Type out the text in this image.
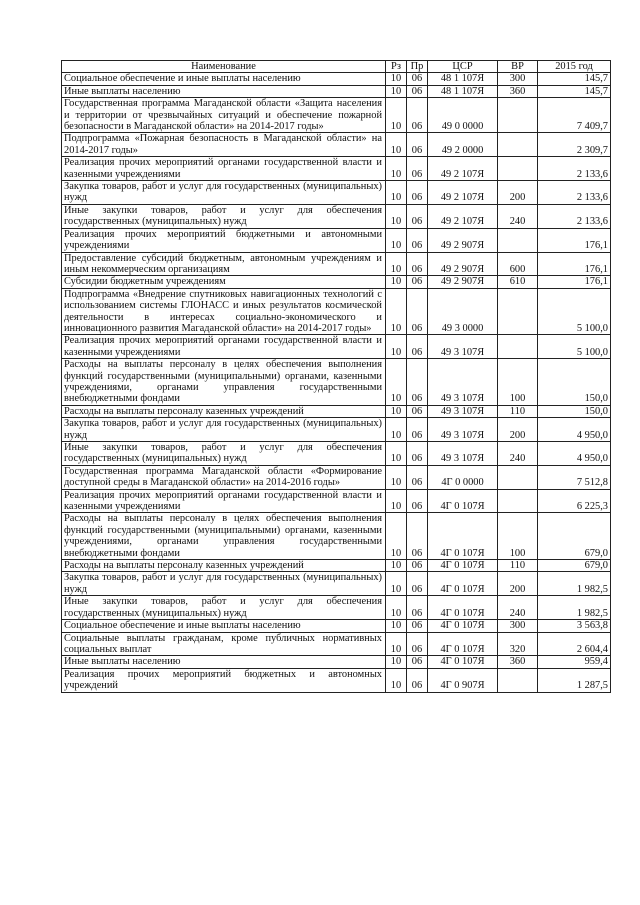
Наименование	Рз	Пр	ЦСР	ВР	2015 год
Социальное обеспечение и иные выплаты населению	10	06	48 1 107Я	300	145,7
Иные выплаты населению	10	06	48 1 107Я	360	145,7
Государственная программа Магаданской области «Защита населения и территории от чрезвычайных ситуаций и обеспечение пожарной безопасности в Магаданской области» на 2014-2017 годы»	10	06	49 0 0000		7 409,7
Подпрограмма «Пожарная безопасность в Магаданской области» на 2014-2017 годы»	10	06	49 2 0000		2 309,7
Реализация прочих мероприятий органами государственной власти и казенными учреждениями	10	06	49 2 107Я		2 133,6
Закупка товаров, работ и услуг для государственных (муниципальных) нужд	10	06	49 2 107Я	200	2 133,6
Иные закупки товаров, работ и услуг для обеспечения государственных (муниципальных) нужд	10	06	49 2 107Я	240	2 133,6
Реализация прочих мероприятий бюджетными и автономными учреждениями	10	06	49 2 907Я		176,1
Предоставление субсидий бюджетным, автономным учреждениям и иным некоммерческим организациям	10	06	49 2 907Я	600	176,1
Субсидии бюджетным учреждениям	10	06	49 2 907Я	610	176,1
Подпрограмма «Внедрение спутниковых навигационных технологий с использованием системы ГЛОНАСС и иных результатов космической деятельности в интересах социально-экономического и инновационного развития Магаданской области» на 2014-2017 годы»	10	06	49 3 0000		5 100,0
Реализация прочих мероприятий органами государственной власти и казенными учреждениями	10	06	49 3 107Я		5 100,0
Расходы на выплаты персоналу в целях обеспечения выполнения функций государственными (муниципальными) органами, казенными учреждениями, органами управления государственными внебюджетными фондами	10	06	49 3 107Я	100	150,0
Расходы на выплаты персоналу казенных учреждений	10	06	49 3 107Я	110	150,0
Закупка товаров, работ и услуг для государственных (муниципальных) нужд	10	06	49 3 107Я	200	4 950,0
Иные закупки товаров, работ и услуг для обеспечения государственных (муниципальных) нужд	10	06	49 3 107Я	240	4 950,0
Государственная программа Магаданской области «Формирование доступной среды в Магаданской области» на 2014-2016 годы»	10	06	4Г 0 0000		7 512,8
Реализация прочих мероприятий органами государственной власти и казенными учреждениями	10	06	4Г 0 107Я		6 225,3
Расходы на выплаты персоналу в целях обеспечения выполнения функций государственными (муниципальными) органами, казенными учреждениями, органами управления государственными внебюджетными фондами	10	06	4Г 0 107Я	100	679,0
Расходы на выплаты персоналу казенных учреждений	10	06	4Г 0 107Я	110	679,0
Закупка товаров, работ и услуг для государственных (муниципальных) нужд	10	06	4Г 0 107Я	200	1 982,5
Иные закупки товаров, работ и услуг для обеспечения государственных (муниципальных) нужд	10	06	4Г 0 107Я	240	1 982,5
Социальное обеспечение и иные выплаты населению	10	06	4Г 0 107Я	300	3 563,8
Социальные выплаты гражданам, кроме публичных нормативных социальных выплат	10	06	4Г 0 107Я	320	2 604,4
Иные выплаты населению	10	06	4Г 0 107Я	360	959,4
Реализация прочих мероприятий бюджетных и автономных учреждений	10	06	4Г 0 907Я		1 287,5
